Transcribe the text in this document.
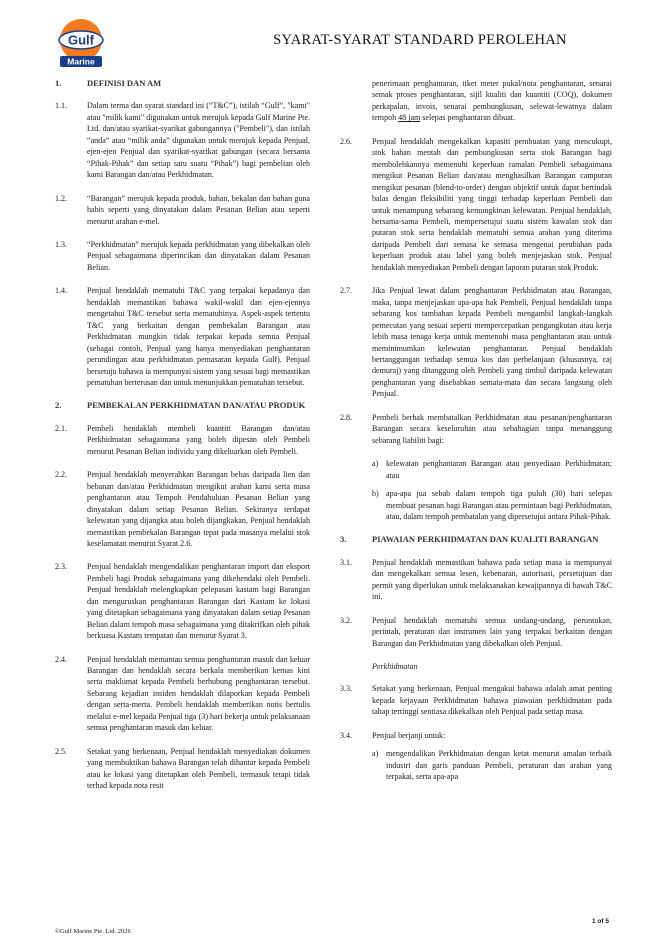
Gulf
Marine
SYARAT-SYARAT STANDARD PEROLEHAN
1.	DEFINISI DAN AM
1.1.	Dalam terma dan syarat standard ini (“T&C”), istilah “Gulf”, "kami" atau "milik kami" digunakan untuk merujuk kepada Gulf Marine Pte. Ltd. dan/atau syarikat-syarikat gabungannya ("Pembeli"), dan istilah “anda” atau “milik anda” digunakan untuk merujuk kepada Penjual, ejen-ejen Penjual dan syarikat-syarikat gabungan (secara bersama “Pihak-Pihak” dan setiap satu suatu “Pihak”) bagi pembelian oleh kami Barangan dan/atau Perkhidmatan.
1.2.	“Barangan” merujuk kepada produk, bahan, bekalan dan bahan guna habis seperti yang dinyatakan dalam Pesanan Belian atau seperti menurut arahan e-mel.
1.3.	“Perkhidmatan” merujuk kepada perkhidmatan yang dibekalkan oleh Penjual sebagaimana diperincikan dan dinyatakan dalam Pesanan Belian.
1.4.	Penjual hendaklah mematuhi T&C yang terpakai kepadanya dan hendaklah memastikan bahawa wakil-wakil dan ejen-ejennya mengetahui T&C tersebut serta mematuhinya. Aspek-aspek tertentu T&C yang berkaitan dengan pembekalan Barangan atau Perkhidmatan mungkin tidak terpakai kepada semua Penjual (sebagai contoh, Penjual yang hanya menyediakan penghantaran perundingan atau perkhidmatan pemasaran kepada Gulf). Penjual bersetuju bahawa ia mempunyai sistem yang sesuai bagi memastikan pematuhan berterusan dan untuk menunjukkan pematuhan tersebut.
2.	PEMBEKALAN PERKHIDMATAN DAN/ATAU PRODUK
2.1.	Pembeli hendaklah membeli kuantiti Barangan dan/atau Perkhidmatan sebagaimana yang boleh dipesan oleh Pembeli menurut Pesanan Belian individu yang dikeluarkan oleh Pembeli.
2.2.	Penjual hendaklah menyerahkan Barangan bebas daripada lien dan bebanan dan/atau Perkhidmatan mengikut arahan kami serta masa penghantaran atau Tempoh Pendahuluan Pesanan Belian yang dinyatakan dalam setiap Pesanan Belian. Sekiranya terdapat kelewatan yang dijangka atau boleh dijangkakan, Penjual hendaklah memastikan pembekalan Barangan tepat pada masanya melalui stok keselamatan menurut Syarat 2.6.
2.3.	Penjual hendaklah mengendalikan penghantaran import dan eksport Pembeli bagi Produk sebagaimana yang dikehendaki oleh Pembeli. Penjual hendaklah melengkapkan pelepasan kastam bagi Barangan dan menguruskan penghantaran Barangan dari Kastam ke lokasi yang ditetapkan sebagaimana yang dinyatakan dalam setiap Pesanan Belian dalam tempoh masa sebagaimana yang ditakrifkan oleh pihak berkuasa Kastam tempatan dan menurut Syarat 3.
2.4.	Penjual hendaklah memantau semua penghantaran masuk dan keluar Barangan dan hendaklah secara berkala memberikan kemas kini serta maklumat kepada Pembeli berhubung penghantaran tersebut. Sebarang kejadian insiden hendaklah dilaporkan kepada Pembeli dengan serta-merta. Pembeli hendaklah memberikan notis bertulis melalui e-mel kepada Penjual tiga (3) hari bekerja untuk pelaksanaan semua penghantaran masuk dan keluar.
2.5.	Setakat yang berkenaan, Penjual hendaklah menyediakan dokumen yang membuktikan bahawa Barangan telah dihantar kepada Pembeli atau ke lokasi yang ditetapkan oleh Pembeli, termasuk tetapi tidak terhad kepada nota resit
penerimaan penghantaran, tiket meter pukal/nota penghantaran, senarai semak proses penghantaran, sijil kualiti dan kuantiti (COQ), dokumen perkapalan, invois, senarai pembungkusan, selewat-lewatnya dalam tempoh 48 jam selepas penghantaran dibuat.
2.6.	Penjual hendaklah mengekalkan kapasiti pembuatan yang mencukupi, stok bahan mentah dan pembungkusan serta stok Barangan bagi membolehkannya memenuhi keperluan ramalan Pembeli sebagaimana mengikut Pesanan Belian dan/atau menghasilkan Barangan campuran mengikut pesanan (blend-to-order) dengan objektif untuk dapat bertindak balas dengan fleksibiliti yang tinggi terhadap keperluan Pembeli dan untuk menampung sebarang kemungkinan kelewatan. Penjual hendaklah, bersama-sama Pembeli, mempersetujui suatu sistem kawalan stok dan putaran stok serta hendaklah mematuhi semua arahan yang diterima daripada Pembeli dari semasa ke semasa mengenai perubahan pada keperluan produk atau label yang boleh menjejaskan stok. Penjual hendaklah menyediakan Pembeli dengan laporan putaran stok Produk.
2.7.	Jika Penjual lewat dalam penghantaran Perkhidmatan atau Barangan, maka, tanpa menjejaskan apa-apa hak Pembeli, Penjual hendaklah tanpa sebarang kos tambahan kepada Pembeli mengambil langkah-langkah pemecutan yang sesuai seperti mempercepatkan pengangkutan atau kerja lebih masa tenaga kerja untuk memenuhi masa penghantaran atau untuk meminimumkan kelewatan penghantaran. Penjual hendaklah bertanggungan terhadap semua kos dan perbelanjaan (khususnya, caj demuraj) yang ditanggung oleh Pembeli yang timbul daripada kelewatan penghantaran yang disebabkan semata-mata dan secara langsung oleh Penjual.
2.8.	Pembeli berhak membatalkan Perkhidmatan atau pesanan/penghantaran Barangan secara keseluruhan atau sebahagian tanpa menanggung sebarang liabiliti bagi:
a) kelewatan penghantaran Barangan atau penyediaan Perkhidmatan; atau
b) apa-apa jua sebab dalam tempoh tiga puluh (30) hari selepas membuat pesanan bagi Barangan atau permintaan bagi Perkhidmatan, atau, dalam tempoh pembatalan yang dipersetujui antara Pihak-Pihak.
3.	PIAWAIAN PERKHIDMATAN DAN KUALITI BARANGAN
3.1.	Penjual hendaklah memastikan bahawa pada setiap masa ia mempunyai dan mengekalkan semua lesen, kebenaran, autorisasi, persetujuan dan permit yang diperlukan untuk melaksanakan kewajipannya di bawah T&C ini.
3.2.	Penjual hendaklah mematuhi semua undang-undang, peruntukan, perintah, peraturan dan instrumen lain yang terpakai berkaitan dengan Barangan dan Perkhidmatan yang dibekalkan oleh Penjual.
Perkhidmatan
3.3.	Setakat yang berkenaan, Penjual mengakui bahawa adalah amat penting kepada kejayaan Perkhidmatan bahawa piawaian perkhidmatan pada tahap tertinggi sentiasa dikekalkan oleh Penjual pada setiap masa.
3.4.	Penjual berjanji untuk:
a) mengendalikan Perkhidmatan dengan ketat menurut amalan terbaik industri dan garis panduan Pembeli, peraturan dan arahan yang terpakai, serta apa-apa
©Gulf Marine Pte. Ltd. 2026
1 of 5
